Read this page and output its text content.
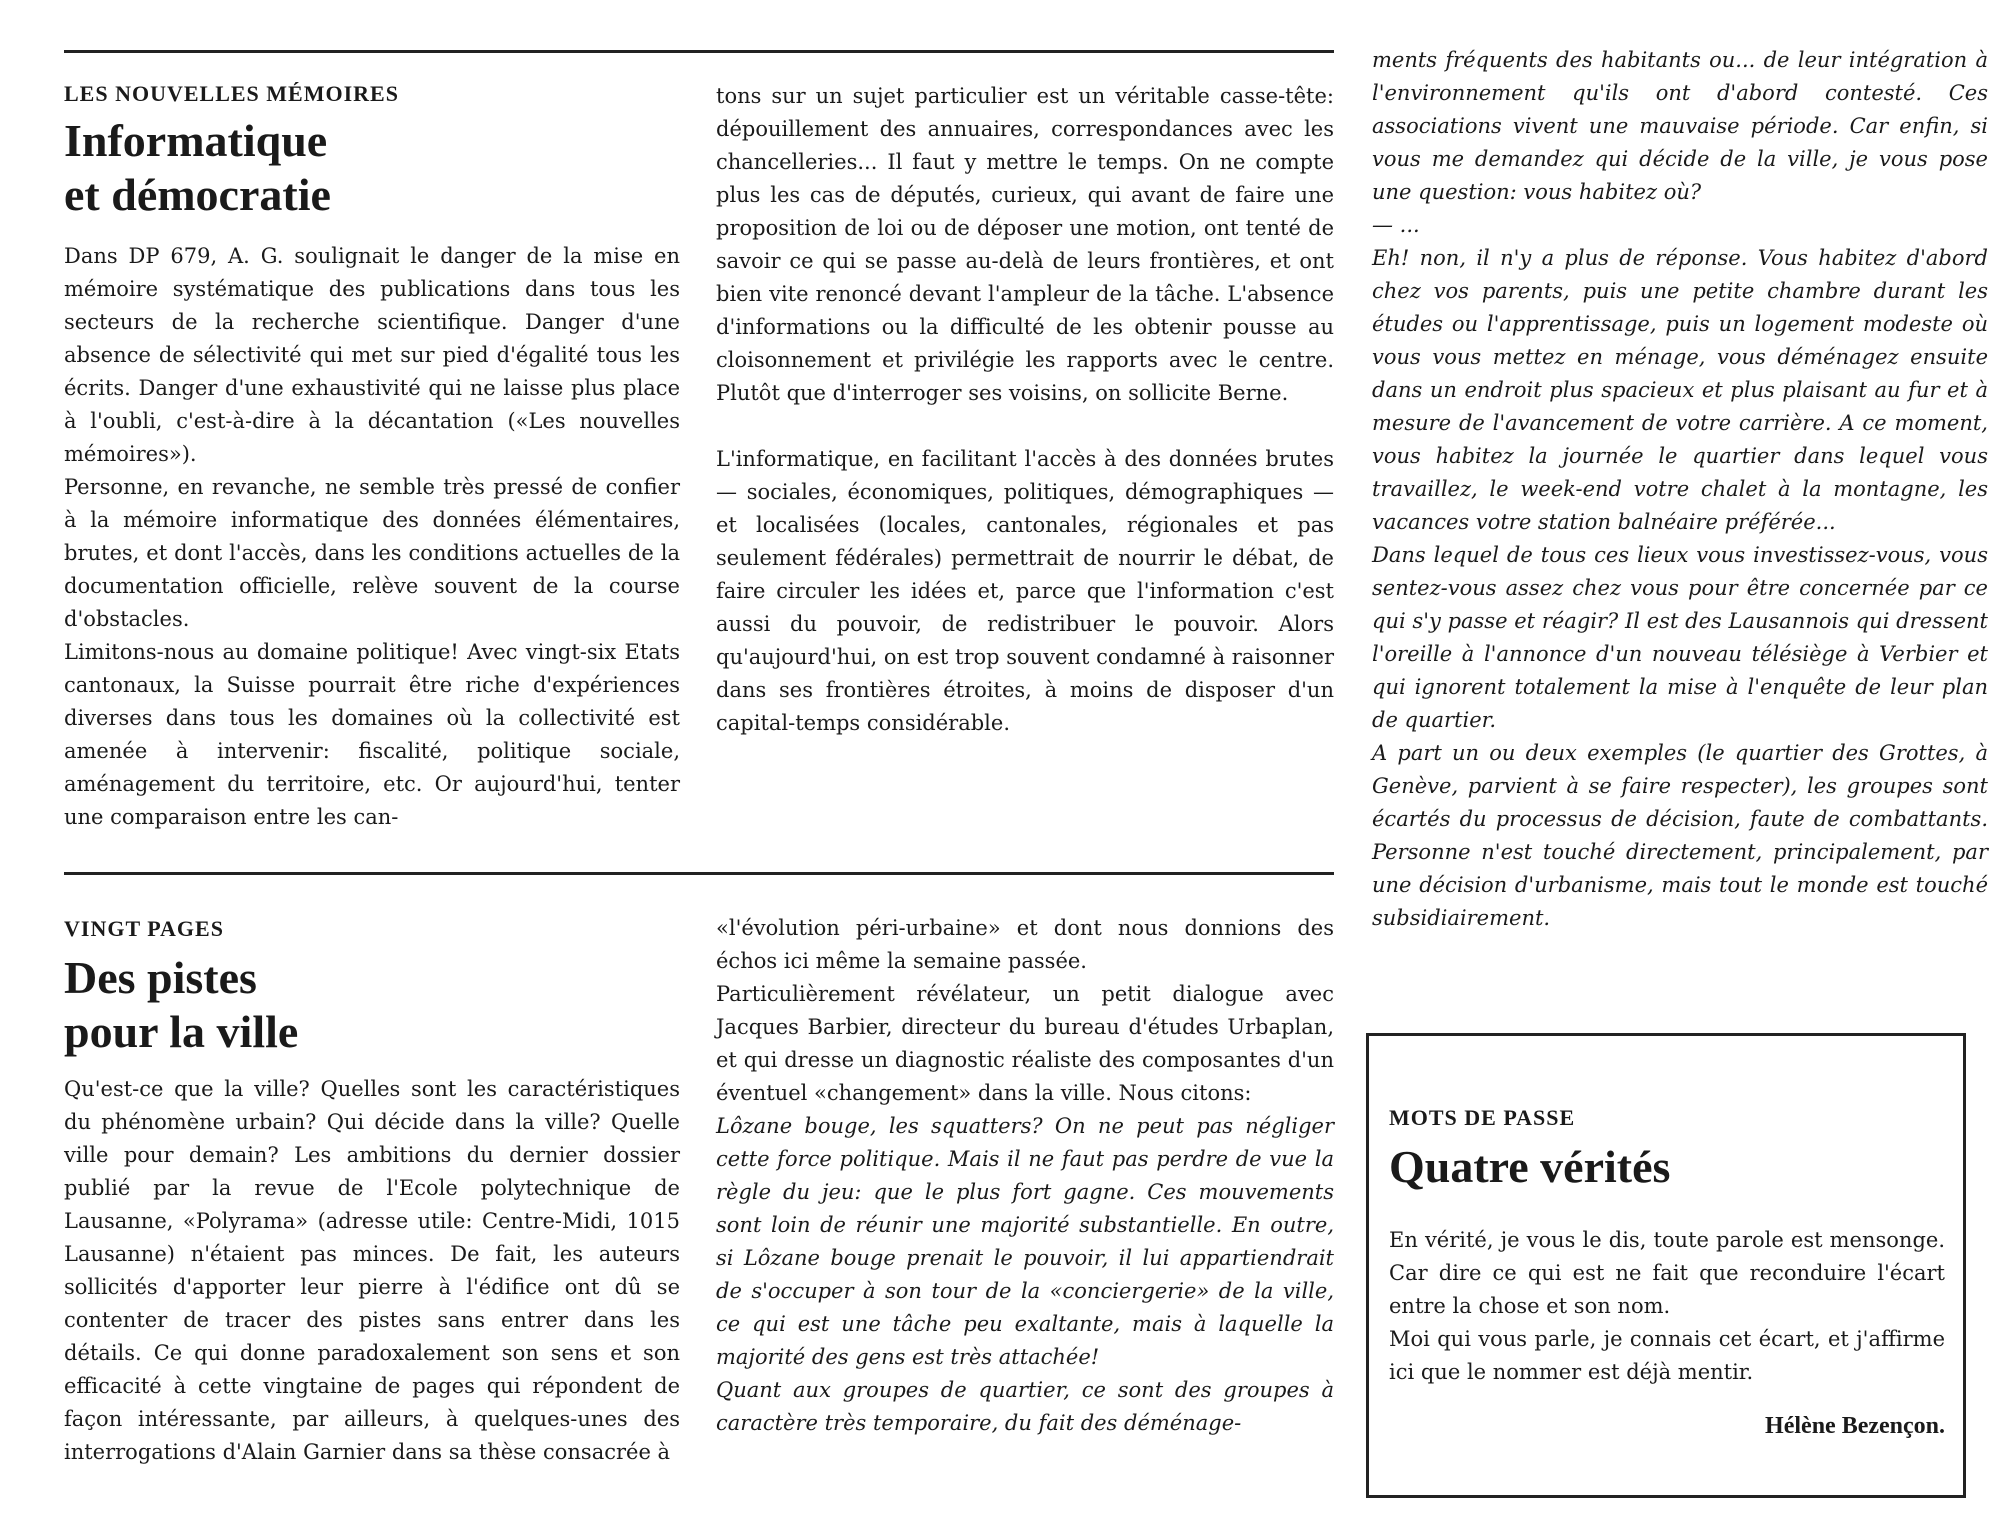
LES NOUVELLES MÉMOIRES

Informatique
et démocratie

Dans DP 679, A. G. soulignait le danger de la mise en mémoire systématique des publications dans tous les secteurs de la recherche scientifique. Danger d'une absence de sélectivité qui met sur pied d'égalité tous les écrits. Danger d'une exhaustivité qui ne laisse plus place à l'oubli, c'est-à-dire à la décantation («Les nouvelles mémoires»).

Personne, en revanche, ne semble très pressé de confier à la mémoire informatique des données élémentaires, brutes, et dont l'accès, dans les conditions actuelles de la documentation officielle, relève souvent de la course d'obstacles.

Limitons-nous au domaine politique! Avec vingt-six Etats cantonaux, la Suisse pourrait être riche d'expériences diverses dans tous les domaines où la collectivité est amenée à intervenir: fiscalité, politique sociale, aménagement du territoire, etc. Or aujourd'hui, tenter une comparaison entre les can-

tons sur un sujet particulier est un véritable casse-tête: dépouillement des annuaires, correspondances avec les chancelleries... Il faut y mettre le temps. On ne compte plus les cas de députés, curieux, qui avant de faire une proposition de loi ou de déposer une motion, ont tenté de savoir ce qui se passe au-delà de leurs frontières, et ont bien vite renoncé devant l'ampleur de la tâche. L'absence d'informations ou la difficulté de les obtenir pousse au cloisonnement et privilégie les rapports avec le centre. Plutôt que d'interroger ses voisins, on sollicite Berne.

L'informatique, en facilitant l'accès à des données brutes — sociales, économiques, politiques, démographiques — et localisées (locales, cantonales, régionales et pas seulement fédérales) permettrait de nourrir le débat, de faire circuler les idées et, parce que l'information c'est aussi du pouvoir, de redistribuer le pouvoir. Alors qu'aujourd'hui, on est trop souvent condamné à raisonner dans ses frontières étroites, à moins de disposer d'un capital-temps considérable.

VINGT PAGES

Des pistes
pour la ville

Qu'est-ce que la ville? Quelles sont les caractéristiques du phénomène urbain? Qui décide dans la ville? Quelle ville pour demain? Les ambitions du dernier dossier publié par la revue de l'Ecole polytechnique de Lausanne, «Polyrama» (adresse utile: Centre-Midi, 1015 Lausanne) n'étaient pas minces. De fait, les auteurs sollicités d'apporter leur pierre à l'édifice ont dû se contenter de tracer des pistes sans entrer dans les détails. Ce qui donne paradoxalement son sens et son efficacité à cette vingtaine de pages qui répondent de façon intéressante, par ailleurs, à quelques-unes des interrogations d'Alain Garnier dans sa thèse consacrée à

«l'évolution péri-urbaine» et dont nous donnions des échos ici même la semaine passée.

Particulièrement révélateur, un petit dialogue avec Jacques Barbier, directeur du bureau d'études Urbaplan, et qui dresse un diagnostic réaliste des composantes d'un éventuel «changement» dans la ville. Nous citons:

Lôzane bouge, les squatters? On ne peut pas négliger cette force politique. Mais il ne faut pas perdre de vue la règle du jeu: que le plus fort gagne. Ces mouvements sont loin de réunir une majorité substantielle. En outre, si Lôzane bouge prenait le pouvoir, il lui appartiendrait de s'occuper à son tour de la «conciergerie» de la ville, ce qui est une tâche peu exaltante, mais à laquelle la majorité des gens est très attachée!

Quant aux groupes de quartier, ce sont des groupes à caractère très temporaire, du fait des déménage-

ments fréquents des habitants ou... de leur intégration à l'environnement qu'ils ont d'abord contesté. Ces associations vivent une mauvaise période. Car enfin, si vous me demandez qui décide de la ville, je vous pose une question: vous habitez où?

— ...

Eh! non, il n'y a plus de réponse. Vous habitez d'abord chez vos parents, puis une petite chambre durant les études ou l'apprentissage, puis un logement modeste où vous vous mettez en ménage, vous déménagez ensuite dans un endroit plus spacieux et plus plaisant au fur et à mesure de l'avancement de votre carrière. A ce moment, vous habitez la journée le quartier dans lequel vous travaillez, le week-end votre chalet à la montagne, les vacances votre station balnéaire préférée...

Dans lequel de tous ces lieux vous investissez-vous, vous sentez-vous assez chez vous pour être concernée par ce qui s'y passe et réagir? Il est des Lausannois qui dressent l'oreille à l'annonce d'un nouveau télésiège à Verbier et qui ignorent totalement la mise à l'enquête de leur plan de quartier.

A part un ou deux exemples (le quartier des Grottes, à Genève, parvient à se faire respecter), les groupes sont écartés du processus de décision, faute de combattants. Personne n'est touché directement, principalement, par une décision d'urbanisme, mais tout le monde est touché subsidiairement.

MOTS DE PASSE

Quatre vérités

En vérité, je vous le dis, toute parole est mensonge. Car dire ce qui est ne fait que reconduire l'écart entre la chose et son nom.

Moi qui vous parle, je connais cet écart, et j'affirme ici que le nommer est déjà mentir.

Hélène Bezençon.
